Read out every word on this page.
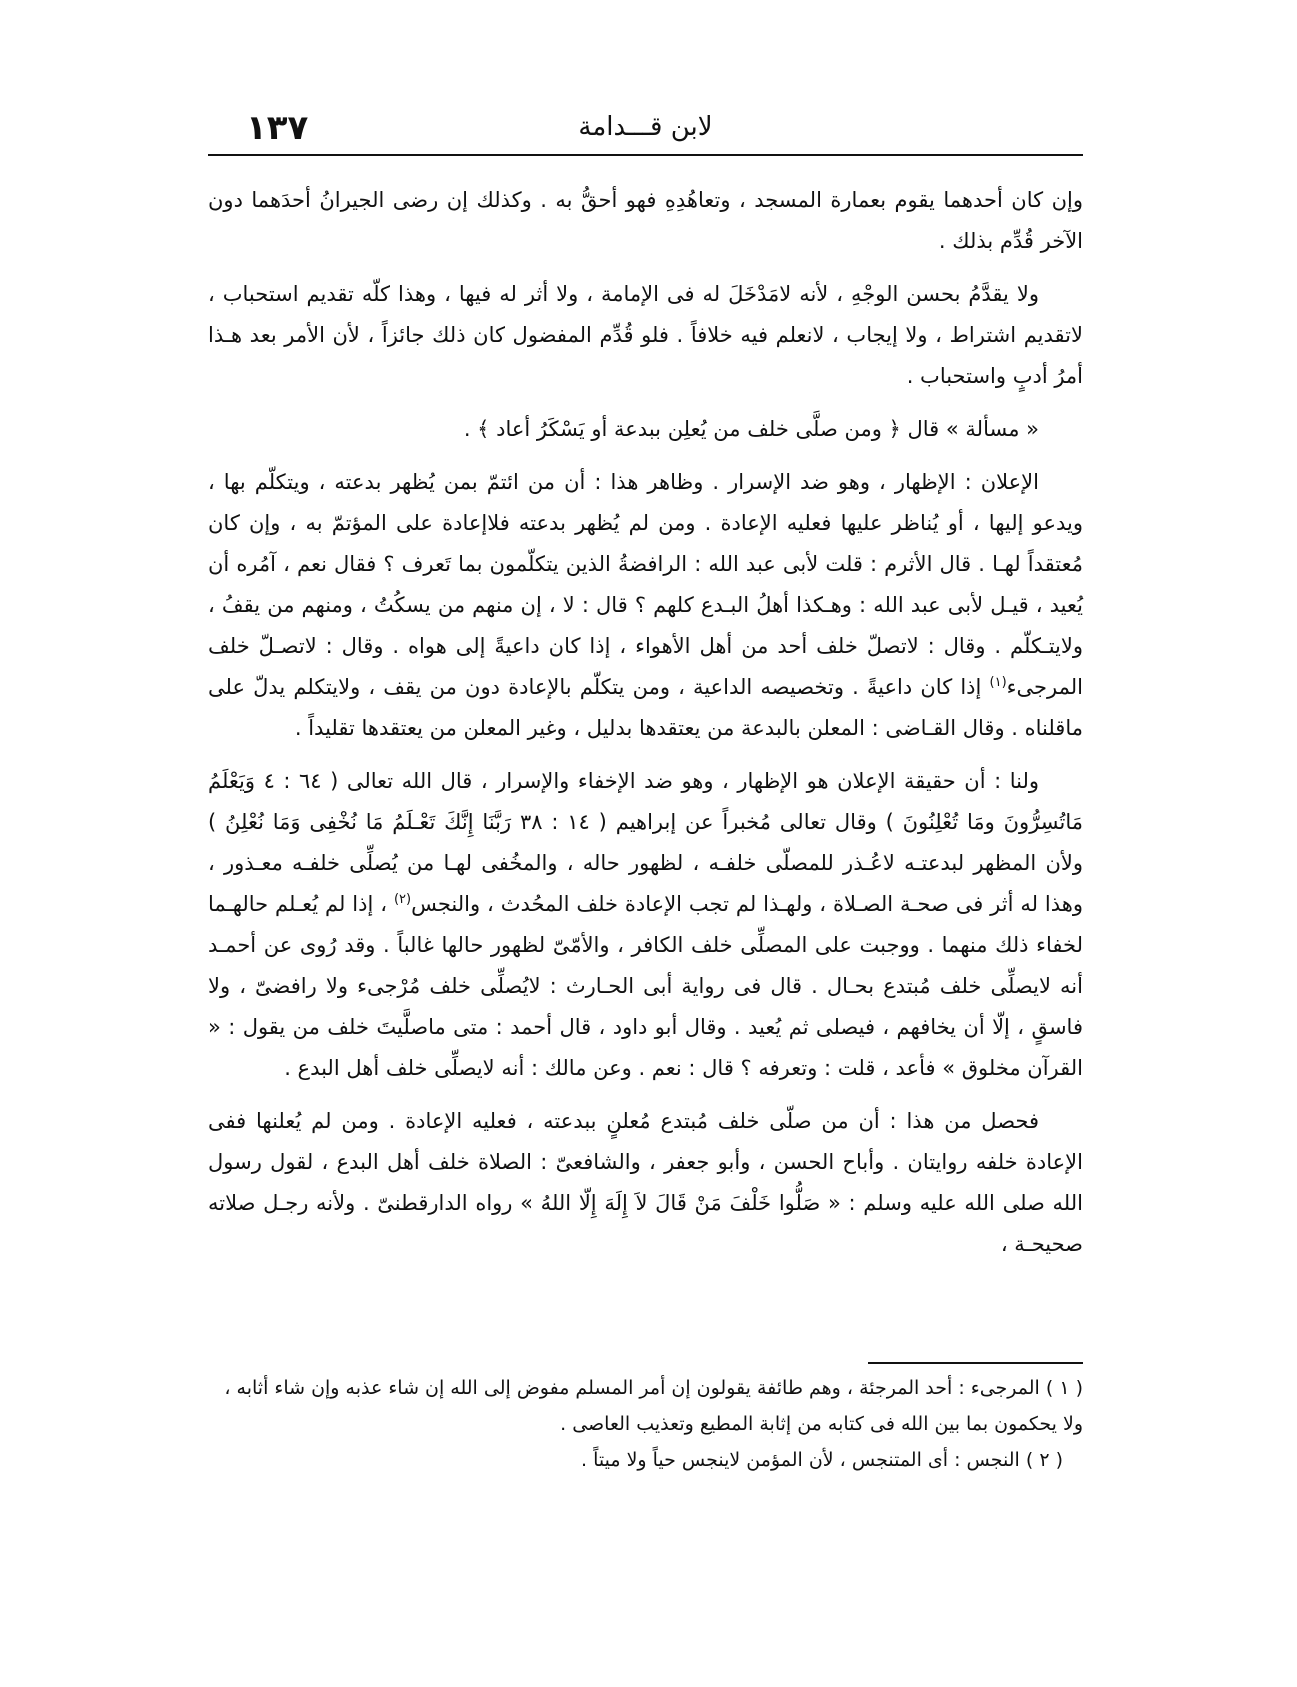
١٣٧	لابن قـــدامة

وإن كان أحدهما يقوم بعمارة المسجد ، وتعاهُدِهِ فهو أحقُّ به . وكذلك إن رضى الجيرانُ أحدَهما دون الآخر قُدِّم بذلك .

ولا يقدَّمُ بحسن الوجْهِ ، لأنه لامَدْخَلَ له فى الإمامة ، ولا أثر له فيها ، وهذا كلّه تقديم استحباب ، لاتقديم اشتراط ، ولا إيجاب ، لانعلم فيه خلافاً . فلو قُدِّم المفضول كان ذلك جائزاً ، لأن الأمر بعد هـذا أمرُ أدبٍ واستحباب .

« مسألة » قال ﴿ ومن صلَّى خلف من يُعلِن ببدعة أو يَسْكَرُ أعاد ﴾ .

الإعلان : الإظهار ، وهو ضد الإسرار . وظاهر هذا : أن من ائتمّ بمن يُظهر بدعته ، ويتكلّم بها ، ويدعو إليها ، أو يُناظر عليها فعليه الإعادة . ومن لم يُظهر بدعته فلاإعادة على المؤتمّ به ، وإن كان مُعتقداً لهـا . قال الأثرم : قلت لأبى عبد الله : الرافضةُ الذين يتكلّمون بما تَعرف ؟ فقال نعم ، آمُره أن يُعيد ، قيـل لأبى عبد الله : وهـكذا أهلُ البـدع كلهم ؟ قال : لا ، إن منهم من يسكُتُ ، ومنهم من يقفُ ، ولايتـكلّم . وقال : لاتصلّ خلف أحد من أهل الأهواء ، إذا كان داعيةً إلى هواه . وقال : لاتصـلّ خلف المرجىء$^{(١)}$ إذا كان داعيةً . وتخصيصه الداعية ، ومن يتكلّم بالإعادة دون من يقف ، ولايتكلم يدلّ على ماقلناه . وقال القـاضى : المعلن بالبدعة من يعتقدها بدليل ، وغير المعلن من يعتقدها تقليداً .

ولنا : أن حقيقة الإعلان هو الإظهار ، وهو ضد الإخفاء والإسرار ، قال الله تعالى ( ٦٤ : ٤ وَيَعْلَمُ مَاتُسِرُّونَ ومَا تُعْلِنُونَ ) وقال تعالى مُخبراً عن إبراهيم ( ١٤ : ٣٨ رَبَّنَا إِنَّكَ تَعْـلَمُ مَا نُخْفِى وَمَا نُعْلِنُ ) ولأن المظهر لبدعتـه لاعُـذر للمصلّى خلفـه ، لظهور حاله ، والمخُفى لهـا من يُصلِّى خلفـه معـذور ، وهذا له أثر فى صحـة الصـلاة ، ولهـذا لم تجب الإعادة خلف المحُدث ، والنجس$^{(٢)}$ ، إذا لم يُعـلم حالهـما لخفاء ذلك منهما . ووجبت على المصلِّى خلف الكافر ، والأمّىّ لظهور حالها غالباً . وقد رُوى عن أحمـد أنه لايصلِّى خلف مُبتدع بحـال . قال فى رواية أبى الحـارث : لايُصلِّى خلف مُرْجىء ولا رافضىّ ، ولا فاسقٍ ، إلّا أن يخافهم ، فيصلى ثم يُعيد . وقال أبو داود ، قال أحمد : متى ماصلَّيتَ خلف من يقول : « القرآن مخلوق » فأعد ، قلت : وتعرفه ؟ قال : نعم . وعن مالك : أنه لايصلِّى خلف أهل البدع .

فحصل من هذا : أن من صلّى خلف مُبتدع مُعلنٍ ببدعته ، فعليه الإعادة . ومن لم يُعلنها ففى الإعادة خلفه روايتان . وأباح الحسن ، وأبو جعفر ، والشافعىّ : الصلاة خلف أهل البدع ، لقول رسول الله صلى الله عليه وسلم : « صَلُّوا خَلْفَ مَنْ قَالَ لاَ إِلَهَ إِلّا اللهُ » رواه الدارقطنىّ . ولأنه رجـل صلاته صحيحـة ،

( ١ ) المرجىء : أحد المرجئة ، وهم طائفة يقولون إن أمر المسلم مفوض إلى الله إن شاء عذبه وإن شاء أثابه ، ولا يحكمون بما بين الله فى كتابه من إثابة المطيع وتعذيب العاصى .

( ٢ ) النجس : أى المتنجس ، لأن المؤمن لاينجس حياً ولا ميتاً .
